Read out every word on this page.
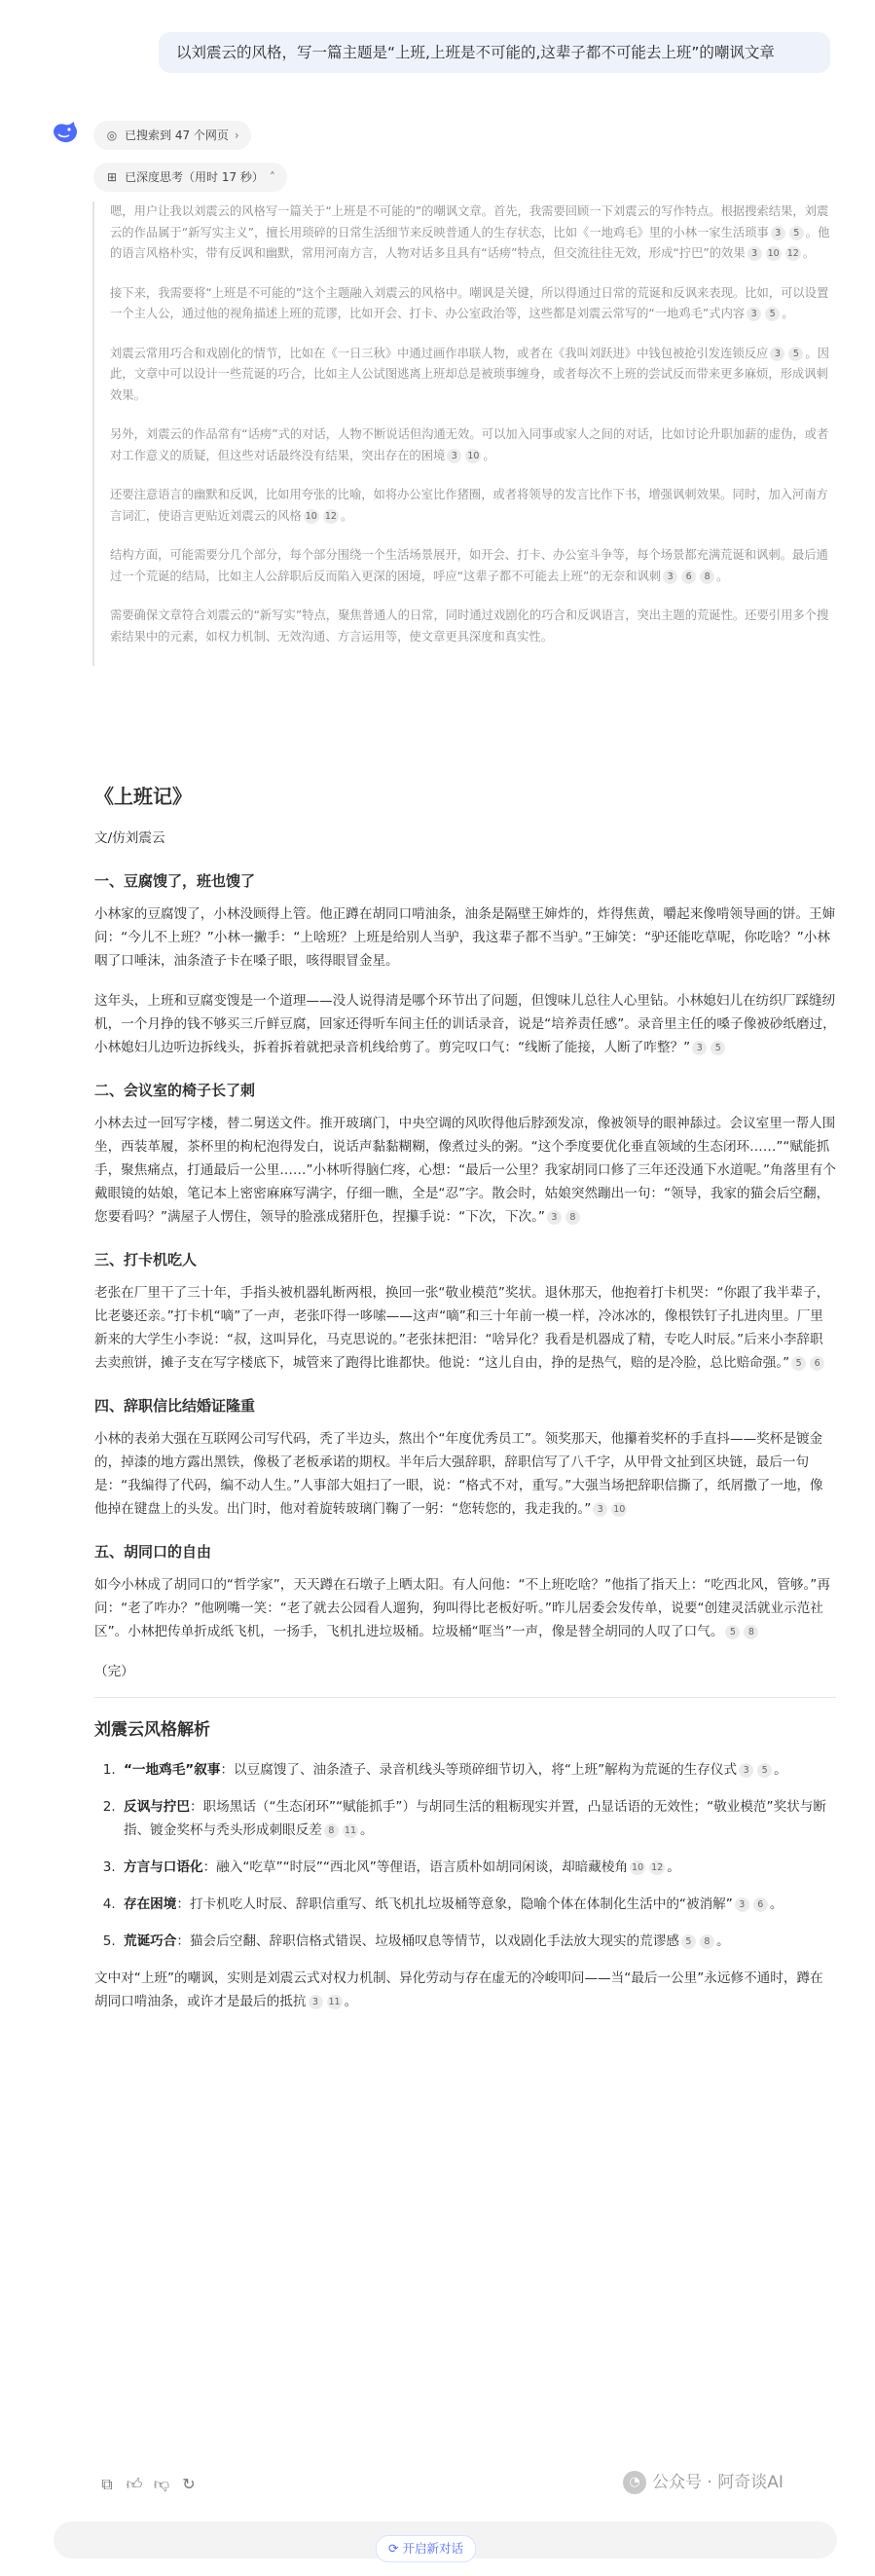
以刘震云的风格，写一篇主题是“上班,上班是不可能的,这辈子都不可能去上班”的嘲讽文章
◎ 已搜索到 47 个网页 ›
⊞ 已深度思考（用时 17 秒） ˄

嗯，用户让我以刘震云的风格写一篇关于“上班是不可能的”的嘲讽文章。首先，我需要回顾一下刘震云的写作特点。根据搜索结果，刘震云的作品属于“新写实主义”，擅长用琐碎的日常生活细节来反映普通人的生存状态，比如《一地鸡毛》里的小林一家生活琐事 3 5 。他的语言风格朴实，带有反讽和幽默，常用河南方言，人物对话多且具有“话痨”特点，但交流往往无效，形成“拧巴”的效果 3 10 12 。

接下来，我需要将“上班是不可能的”这个主题融入刘震云的风格中。嘲讽是关键，所以得通过日常的荒诞和反讽来表现。比如，可以设置一个主人公，通过他的视角描述上班的荒谬，比如开会、打卡、办公室政治等，这些都是刘震云常写的“一地鸡毛”式内容 3 5 。

刘震云常用巧合和戏剧化的情节，比如在《一日三秋》中通过画作串联人物，或者在《我叫刘跃进》中钱包被抢引发连锁反应 3 5 。因此，文章中可以设计一些荒诞的巧合，比如主人公试图逃离上班却总是被琐事缠身，或者每次不上班的尝试反而带来更多麻烦，形成讽刺效果。

另外，刘震云的作品常有“话痨”式的对话，人物不断说话但沟通无效。可以加入同事或家人之间的对话，比如讨论升职加薪的虚伪，或者对工作意义的质疑，但这些对话最终没有结果，突出存在的困境 3 10 。

还要注意语言的幽默和反讽，比如用夸张的比喻，如将办公室比作猪圈，或者将领导的发言比作下书，增强讽刺效果。同时，加入河南方言词汇，使语言更贴近刘震云的风格 10 12 。

结构方面，可能需要分几个部分，每个部分围绕一个生活场景展开，如开会、打卡、办公室斗争等，每个场景都充满荒诞和讽刺。最后通过一个荒诞的结局，比如主人公辞职后反而陷入更深的困境，呼应“这辈子都不可能去上班”的无奈和讽刺 3 6 8 。

需要确保文章符合刘震云的“新写实”特点，聚焦普通人的日常，同时通过戏剧化的巧合和反讽语言，突出主题的荒诞性。还要引用多个搜索结果中的元素，如权力机制、无效沟通、方言运用等，使文章更具深度和真实性。

《上班记》
文/仿刘震云
一、豆腐馊了，班也馊了

小林家的豆腐馊了，小林没顾得上管。他正蹲在胡同口啃油条，油条是隔壁王婶炸的，炸得焦黄，嚼起来像啃领导画的饼。王婶问：“今儿不上班？”小林一撇手：“上啥班？上班是给别人当驴，我这辈子都不当驴。”王婶笑：“驴还能吃草呢，你吃啥？”小林咽了口唾沫，油条渣子卡在嗓子眼，咳得眼冒金星。

这年头，上班和豆腐变馊是一个道理——没人说得清是哪个环节出了问题，但馊味儿总往人心里钻。小林媳妇儿在纺织厂踩缝纫机，一个月挣的钱不够买三斤鲜豆腐，回家还得听车间主任的训话录音，说是“培养责任感”。录音里主任的嗓子像被砂纸磨过，小林媳妇儿边听边拆线头，拆着拆着就把录音机线给剪了。剪完叹口气：“线断了能接，人断了咋整？” 3 5

二、会议室的椅子长了刺

小林去过一回写字楼，替二舅送文件。推开玻璃门，中央空调的风吹得他后脖颈发凉，像被领导的眼神舔过。会议室里一帮人围坐，西装革履，茶杯里的枸杞泡得发白，说话声黏黏糊糊，像煮过头的粥。“这个季度要优化垂直领域的生态闭环……”“赋能抓手，聚焦痛点，打通最后一公里……”小林听得脑仁疼，心想：“最后一公里？我家胡同口修了三年还没通下水道呢。”角落里有个戴眼镜的姑娘，笔记本上密密麻麻写满字，仔细一瞧，全是“忍”字。散会时，姑娘突然蹦出一句：“领导，我家的猫会后空翻，您要看吗？”满屋子人愣住，领导的脸涨成猪肝色，捏攥手说：“下次，下次。” 3 8

三、打卡机吃人

老张在厂里干了三十年，手指头被机器轧断两根，换回一张“敬业模范”奖状。退休那天，他抱着打卡机哭：“你跟了我半辈子，比老婆还亲。”打卡机“嘀”了一声，老张吓得一哆嗦——这声“嘀”和三十年前一模一样，冷冰冰的，像根铁钉子扎进肉里。厂里新来的大学生小李说：“叔，这叫异化，马克思说的。”老张抹把泪：“啥异化？我看是机器成了精，专吃人时辰。”后来小李辞职去卖煎饼，摊子支在写字楼底下，城管来了跑得比谁都快。他说：“这儿自由，挣的是热气，赔的是冷脸，总比赔命强。” 5 6

四、辞职信比结婚证隆重

小林的表弟大强在互联网公司写代码，秃了半边头，熬出个“年度优秀员工”。领奖那天，他攥着奖杯的手直抖——奖杯是镀金的，掉漆的地方露出黑铁，像极了老板承诺的期权。半年后大强辞职，辞职信写了八千字，从甲骨文扯到区块链，最后一句是：“我编得了代码，编不动人生。”人事部大姐扫了一眼，说：“格式不对，重写。”大强当场把辞职信撕了，纸屑撒了一地，像他掉在键盘上的头发。出门时，他对着旋转玻璃门鞠了一躬：“您转您的，我走我的。” 3 10

五、胡同口的自由

如今小林成了胡同口的“哲学家”，天天蹲在石墩子上晒太阳。有人问他：“不上班吃啥？”他指了指天上：“吃西北风，管够。”再问：“老了咋办？”他咧嘴一笑：“老了就去公园看人遛狗，狗叫得比老板好听。”昨儿居委会发传单，说要“创建灵活就业示范社区”。小林把传单折成纸飞机，一扬手，飞机扎进垃圾桶。垃圾桶“哐当”一声，像是替全胡同的人叹了口气。 5 8

（完）

刘震云风格解析
1. “一地鸡毛”叙事：以豆腐馊了、油条渣子、录音机线头等琐碎细节切入，将“上班”解构为荒诞的生存仪式 3 5 。
2. 反讽与拧巴：职场黑话（“生态闭环”“赋能抓手”）与胡同生活的粗粝现实并置，凸显话语的无效性；“敬业模范”奖状与断指、镀金奖杯与秃头形成刺眼反差 8 11 。
3. 方言与口语化：融入“吃草”“时辰”“西北风”等俚语，语言质朴如胡同闲谈，却暗藏棱角 10 12 。
4. 存在困境：打卡机吃人时辰、辞职信重写、纸飞机扎垃圾桶等意象，隐喻个体在体制化生活中的“被消解” 3 6 。
5. 荒诞巧合：猫会后空翻、辞职信格式错误、垃圾桶叹息等情节，以戏剧化手法放大现实的荒谬感 5 8 。

文中对“上班”的嘲讽，实则是刘震云式对权力机制、异化劳动与存在虚无的冷峻叩问——当“最后一公里”永远修不通时，蹲在胡同口啃油条，或许才是最后的抵抗 3 11 。

⧉ 👍︎ 👎︎ ↻	◔ 公众号 · 阿奇谈AI
⟳ 开启新对话
